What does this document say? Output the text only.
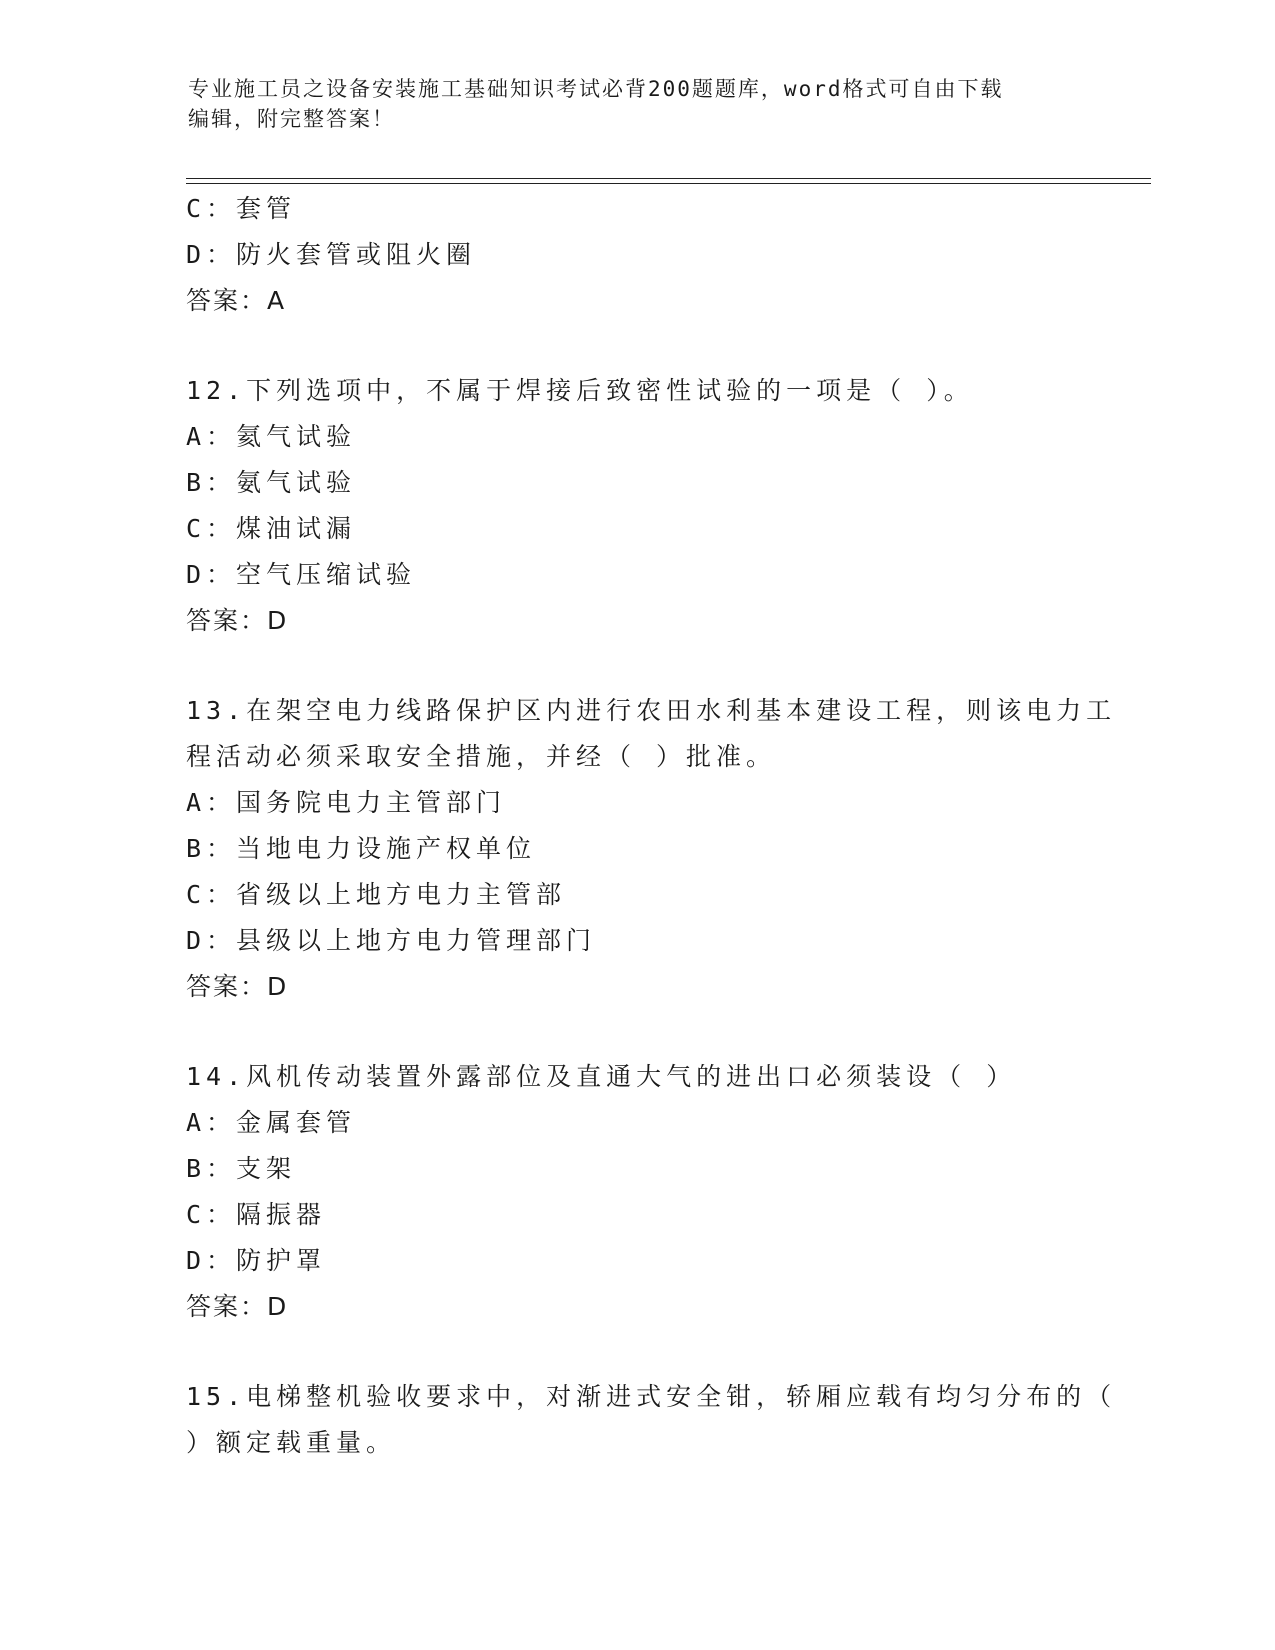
专业施工员之设备安装施工基础知识考试必背200题题库，word格式可自由下载
编辑，附完整答案！
C：套管
D：防火套管或阻火圈
答案：A
12.下列选项中，不属于焊接后致密性试验的一项是（ ）。
A：氦气试验
B：氨气试验
C：煤油试漏
D：空气压缩试验
答案：D
13.在架空电力线路保护区内进行农田水利基本建设工程，则该电力工
程活动必须采取安全措施，并经（ ）批准。
A：国务院电力主管部门
B：当地电力设施产权单位
C：省级以上地方电力主管部
D：县级以上地方电力管理部门
答案：D
14.风机传动装置外露部位及直通大气的进出口必须装设（ ）
A：金属套管
B：支架
C：隔振器
D：防护罩
答案：D
15.电梯整机验收要求中，对渐进式安全钳，轿厢应载有均匀分布的（
）额定载重量。
